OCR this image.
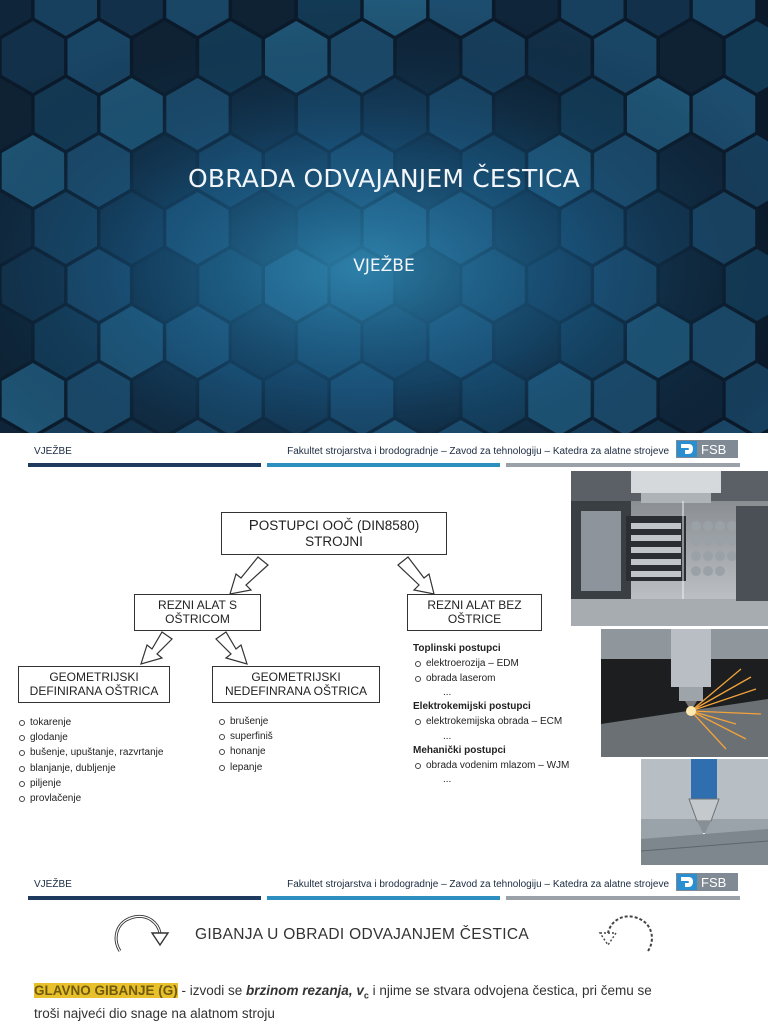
OBRADA ODVAJANJEM ČESTICA
VJEŽBE
VJEŽBE	Fakultet strojarstva i brodogradnje – Zavod za tehnologiju – Katedra za alatne strojeve FSB
POSTUPCI OOČ (DIN8580)
STROJNI
REZNI ALAT S
OŠTRICOM
REZNI ALAT BEZ
OŠTRICE
GEOMETRIJSKI
DEFINIRANA OŠTRICA
GEOMETRIJSKI
NEDEFINRANA OŠTRICA
tokarenje
glodanje
bušenje, upuštanje, razvrtanje
blanjanje, dubljenje
piljenje
provlačenje
brušenje
superfiniš
honanje
lepanje
Toplinski postupci
elektroerozija – EDM
obrada laserom
...
Elektrokemijski postupci
elektrokemijska obrada – ECM
...
Mehanički postupci
obrada vodenim mlazom – WJM
...
VJEŽBE	Fakultet strojarstva i brodogradnje – Zavod za tehnologiju – Katedra za alatne strojeve FSB
GIBANJA U OBRADI ODVAJANJEM ČESTICA
GLAVNO GIBANJE (G) - izvodi se brzinom rezanja, $v_c$ i njime se stvara odvojena čestica, pri čemu se
troši najveći dio snage na alatnom stroju
